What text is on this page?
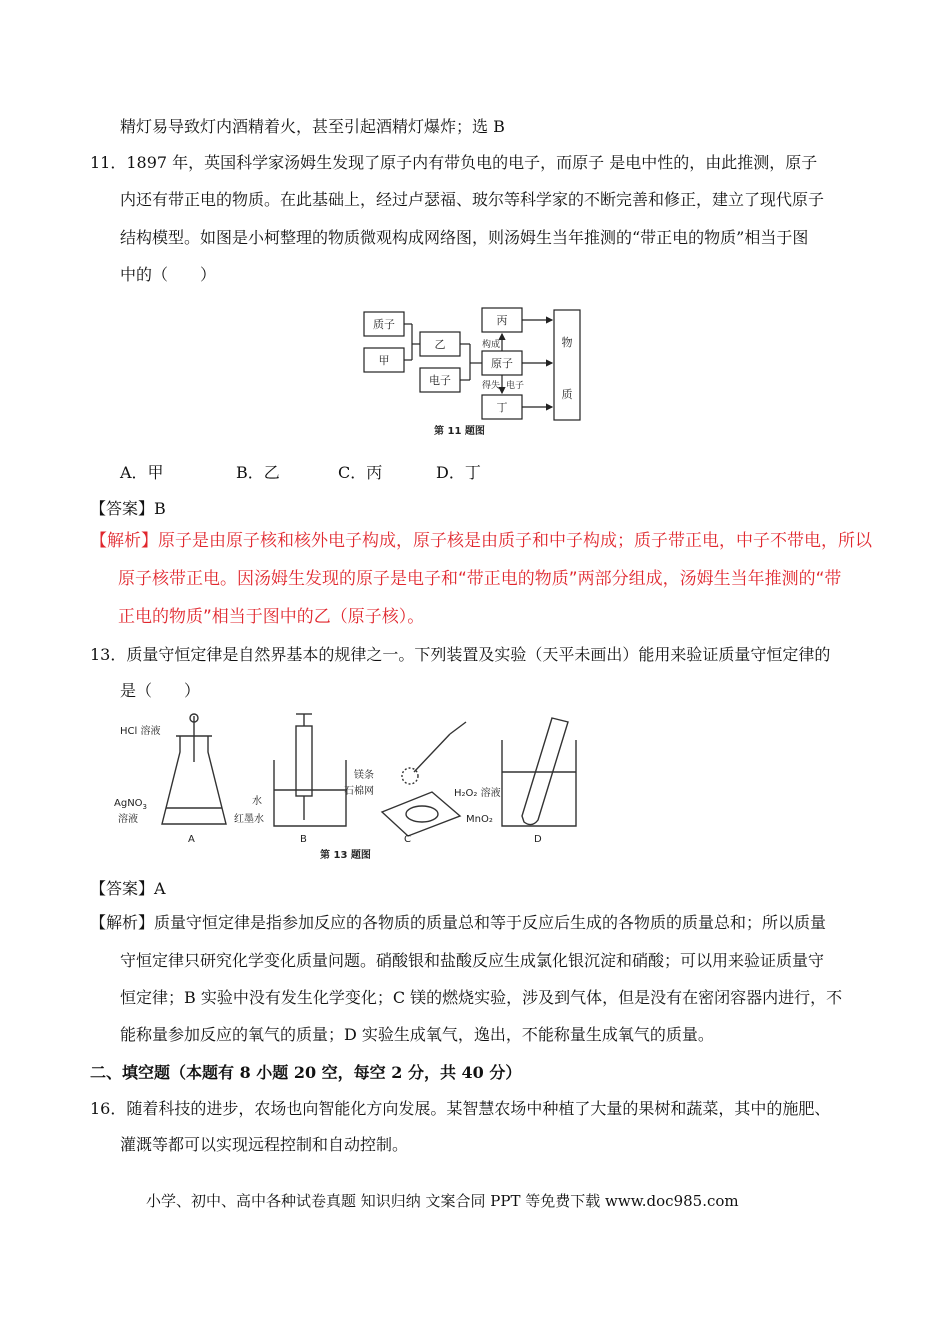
精灯易导致灯内酒精着火，甚至引起酒精灯爆炸；选 B
11．1897 年，英国科学家汤姆生发现了原子内有带负电的电子，而原子 是电中性的，由此推测，原子
内还有带正电的物质。在此基础上，经过卢瑟福、玻尔等科学家的不断完善和修正，建立了现代原子
结构模型。如图是小柯整理的物质微观构成网络图，则汤姆生当年推测的“带正电的物质”相当于图
中的（　　）
质子
甲
乙
电子
丙
原子
丁
物
质
构成
得失 电子
第 11 题图
A．甲	B．乙	C．丙	D．丁
【答案】B
【解析】原子是由原子核和核外电子构成，原子核是由质子和中子构成；质子带正电，中子不带电，所以
原子核带正电。因汤姆生发现的原子是电子和“带正电的物质”两部分组成，汤姆生当年推测的“带
正电的物质”相当于图中的乙（原子核）。
13．质量守恒定律是自然界基本的规律之一。下列装置及实验（天平未画出）能用来验证质量守恒定律的
是（　　）
HCl 溶液
AgNO$_3$
溶液
水
红墨水
镁条
石棉网	H₂O₂ 溶液
MnO₂
A	B	C	D
第 13 题图
【答案】A
【解析】质量守恒定律是指参加反应的各物质的质量总和等于反应后生成的各物质的质量总和；所以质量
守恒定律只研究化学变化质量问题。硝酸银和盐酸反应生成氯化银沉淀和硝酸；可以用来验证质量守
恒定律；B 实验中没有发生化学变化；C 镁的燃烧实验，涉及到气体，但是没有在密闭容器内进行，不
能称量参加反应的氧气的质量；D 实验生成氧气，逸出，不能称量生成氧气的质量。
二、填空题（本题有 8 小题 20 空，每空 2 分，共 40 分）
16．随着科技的进步，农场也向智能化方向发展。某智慧农场中种植了大量的果树和蔬菜，其中的施肥、
灌溉等都可以实现远程控制和自动控制。
小学、初中、高中各种试卷真题 知识归纳 文案合同 PPT 等免费下载 www.doc985.com
